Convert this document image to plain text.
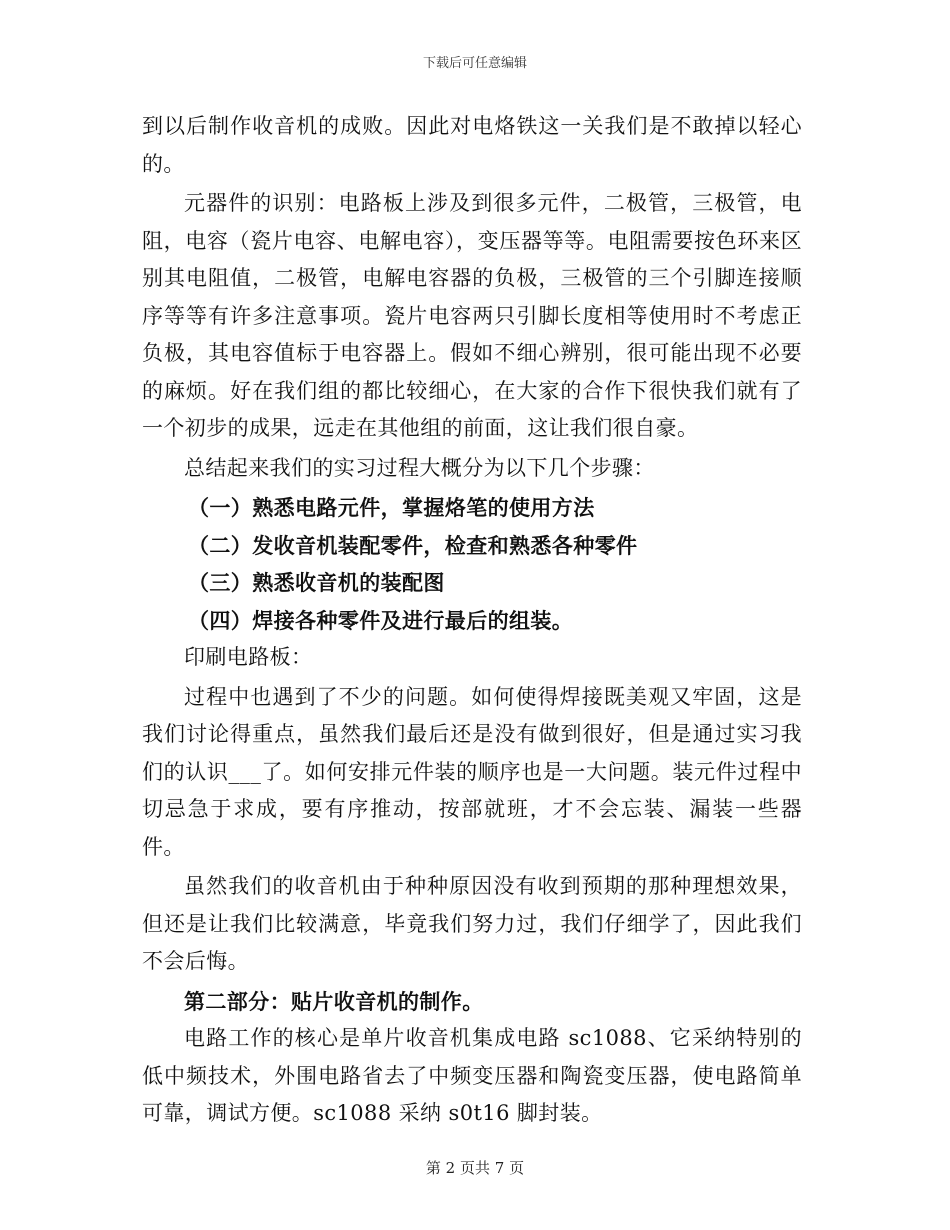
下载后可任意编辑

到以后制作收音机的成败。因此对电烙铁这一关我们是不敢掉以轻心的。

元器件的识别：电路板上涉及到很多元件，二极管，三极管，电阻，电容（瓷片电容、电解电容），变压器等等。电阻需要按色环来区别其电阻值，二极管，电解电容器的负极，三极管的三个引脚连接顺序等等有许多注意事项。瓷片电容两只引脚长度相等使用时不考虑正负极，其电容值标于电容器上。假如不细心辨别，很可能出现不必要的麻烦。好在我们组的都比较细心，在大家的合作下很快我们就有了一个初步的成果，远走在其他组的前面，这让我们很自豪。

总结起来我们的实习过程大概分为以下几个步骤：

（一）熟悉电路元件，掌握烙笔的使用方法

（二）发收音机装配零件，检查和熟悉各种零件

（三）熟悉收音机的装配图

（四）焊接各种零件及进行最后的组装。

印刷电路板：

过程中也遇到了不少的问题。如何使得焊接既美观又牢固，这是我们讨论得重点，虽然我们最后还是没有做到很好，但是通过实习我们的认识___了。如何安排元件装的顺序也是一大问题。装元件过程中切忌急于求成，要有序推动，按部就班，才不会忘装、漏装一些器件。

虽然我们的收音机由于种种原因没有收到预期的那种理想效果，但还是让我们比较满意，毕竟我们努力过，我们仔细学了，因此我们不会后悔。

第二部分：贴片收音机的制作。

电路工作的核心是单片收音机集成电路 sc1088、它采纳特别的低中频技术，外围电路省去了中频变压器和陶瓷变压器，使电路简单可靠，调试方便。sc1088 采纳 s0t16 脚封装。

第 2 页共 7 页
